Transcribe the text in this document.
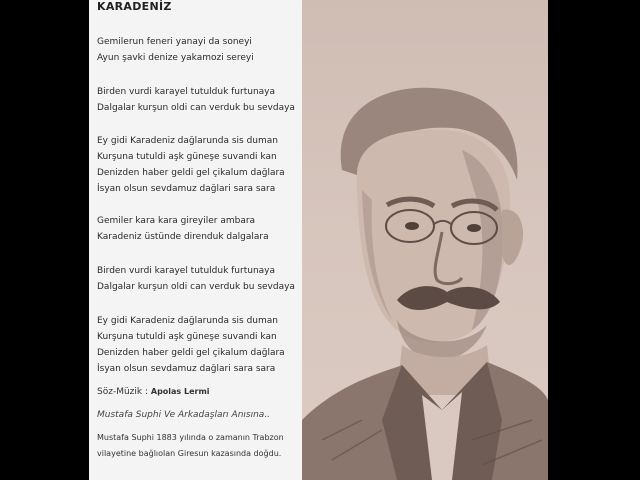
KARADENİZ
Gemilerun feneri yanayi da soneyi
Ayun şavki denize yakamozi sereyi
Birden vurdi karayel tutulduk furtunaya
Dalgalar kurşun oldi can verduk bu sevdaya
Ey gidi Karadeniz dağlarunda sis duman
Kurşuna tutuldi aşk güneşe suvandi kan
Denizden haber geldi gel çikalum dağlara
İsyan olsun sevdamuz dağlari sara sara
Gemiler kara kara gireyiler ambara
Karadeniz üstünde direnduk dalgalara
Birden vurdi karayel tutulduk furtunaya
Dalgalar kurşun oldi can verduk bu sevdaya
Ey gidi Karadeniz dağlarunda sis duman
Kurşuna tutuldi aşk güneşe suvandi kan
Denizden haber geldi gel çikalum dağlara
İsyan olsun sevdamuz dağlari sara sara
Söz-Müzik : Apolas Lermi
Mustafa Suphi Ve Arkadaşları Anısına..
Mustafa Suphi 1883 yılında o zamanın Trabzon vilayetine bağlıolan Giresun kazasında doğdu.
